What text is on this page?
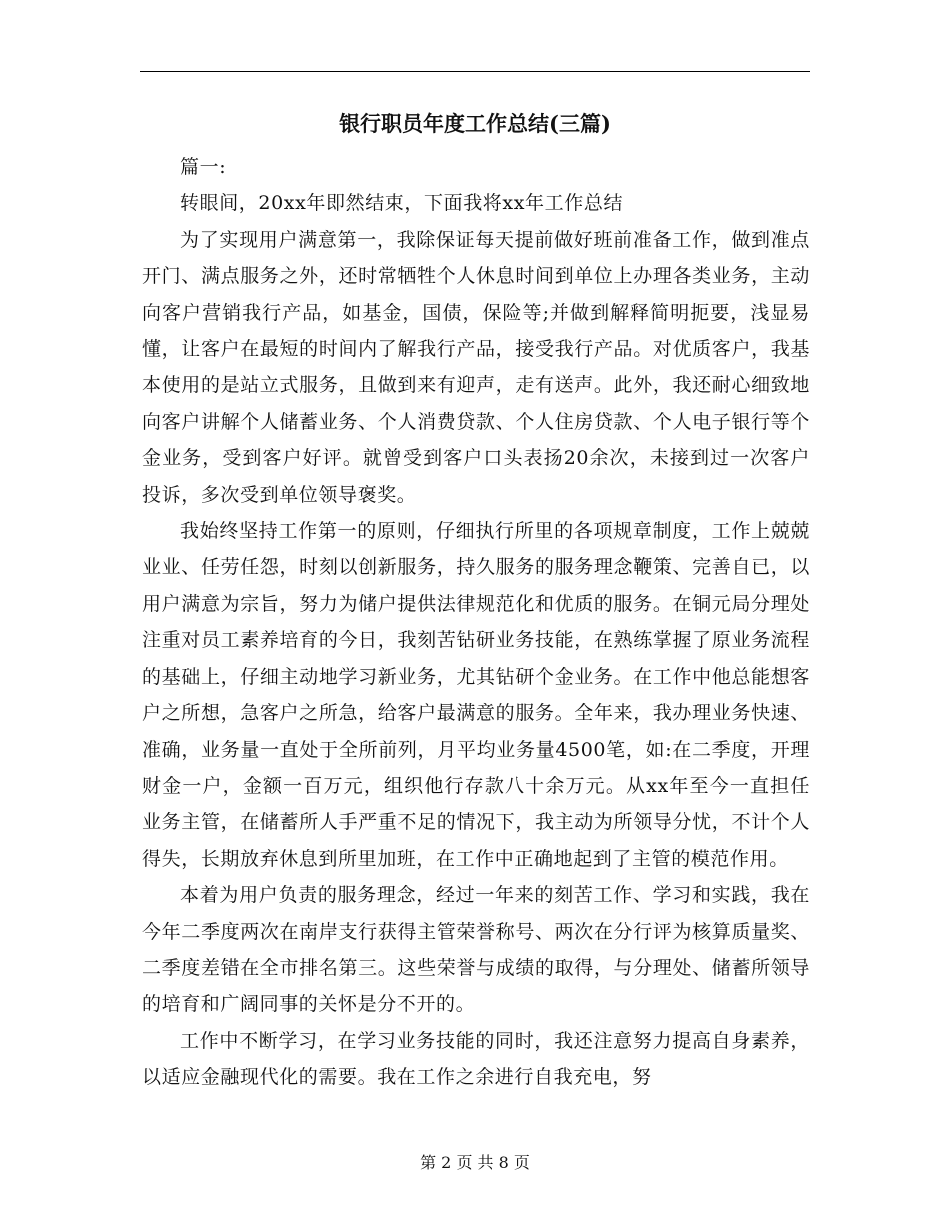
银行职员年度工作总结(三篇)

篇一:

转眼间，20xx年即然结束，下面我将xx年工作总结

为了实现用户满意第一，我除保证每天提前做好班前准备工作，做到准点开门、满点服务之外，还时常牺牲个人休息时间到单位上办理各类业务，主动向客户营销我行产品，如基金，国债，保险等;并做到解释简明扼要，浅显易懂，让客户在最短的时间内了解我行产品，接受我行产品。对优质客户，我基本使用的是站立式服务，且做到来有迎声，走有送声。此外，我还耐心细致地向客户讲解个人储蓄业务、个人消费贷款、个人住房贷款、个人电子银行等个金业务，受到客户好评。就曾受到客户口头表扬20余次，未接到过一次客户投诉，多次受到单位领导褒奖。

我始终坚持工作第一的原则，仔细执行所里的各项规章制度，工作上兢兢业业、任劳任怨，时刻以创新服务，持久服务的服务理念鞭策、完善自已，以用户满意为宗旨，努力为储户提供法律规范化和优质的服务。在铜元局分理处注重对员工素养培育的今日，我刻苦钻研业务技能，在熟练掌握了原业务流程的基础上，仔细主动地学习新业务，尤其钻研个金业务。在工作中他总能想客户之所想，急客户之所急，给客户最满意的服务。全年来，我办理业务快速、准确，业务量一直处于全所前列，月平均业务量4500笔，如:在二季度，开理财金一户，金额一百万元，组织他行存款八十余万元。从xx年至今一直担任业务主管，在储蓄所人手严重不足的情况下，我主动为所领导分忧，不计个人得失，长期放弃休息到所里加班，在工作中正确地起到了主管的模范作用。

本着为用户负责的服务理念，经过一年来的刻苦工作、学习和实践，我在今年二季度两次在南岸支行获得主管荣誉称号、两次在分行评为核算质量奖、二季度差错在全市排名第三。这些荣誉与成绩的取得，与分理处、储蓄所领导的培育和广阔同事的关怀是分不开的。

工作中不断学习，在学习业务技能的同时，我还注意努力提高自身素养，以适应金融现代化的需要。我在工作之余进行自我充电，努

第 2 页 共 8 页
